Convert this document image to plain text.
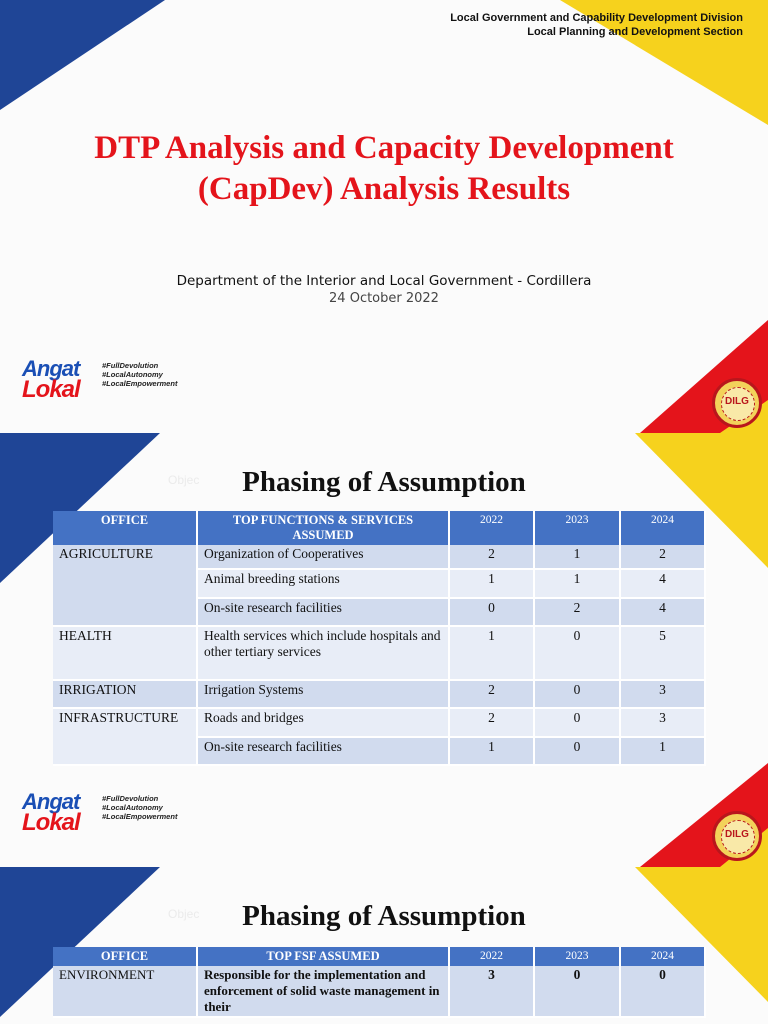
Local Government and Capability Development Division
Local Planning and Development Section
DTP Analysis and Capacity Development
(CapDev) Analysis Results
Department of the Interior and Local Government - Cordillera
24 October 2022
Angat
Lokal
#FullDevolution
#LocalAutonomy
#LocalEmpowerment
DILG
Objec	Phasing of Assumption
OFFICE	TOP FUNCTIONS & SERVICES ASSUMED	2022	2023	2024
AGRICULTURE	Organization of Cooperatives	2	1	2
	Animal breeding stations	1	1	4
	On-site research facilities	0	2	4
HEALTH	Health services which include hospitals and other tertiary services	1	0	5
IRRIGATION	Irrigation Systems	2	0	3
INFRASTRUCTURE	Roads and bridges	2	0	3
	On-site research facilities	1	0	1
Angat
Lokal
#FullDevolution
#LocalAutonomy
#LocalEmpowerment
DILG
Objec	Phasing of Assumption
OFFICE	TOP FSF ASSUMED	2022	2023	2024
ENVIRONMENT	Responsible for the implementation and enforcement of solid waste management in their	3	0	0
